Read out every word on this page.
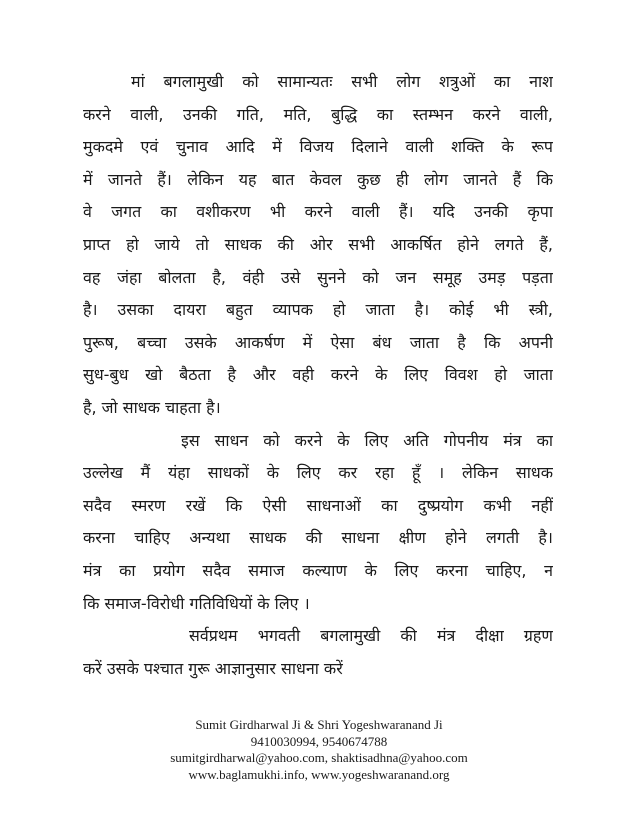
मां बगलामुखी को सामान्यतः सभी लोग शत्रुओं का नाश
करने वाली, उनकी गति, मति, बुद्धि का स्तम्भन करने वाली,
मुकदमे एवं चुनाव आदि में विजय दिलाने वाली शक्ति के रूप
में जानते हैं। लेकिन यह बात केवल कुछ ही लोग जानते हैं कि
वे जगत का वशीकरण भी करने वाली हैं। यदि उनकी कृपा
प्राप्त हो जाये तो साधक की ओर सभी आकर्षित होने लगते हैं,
वह जंहा बोलता है, वंही उसे सुनने को जन समूह उमड़ पड़ता
है। उसका दायरा बहुत व्यापक हो जाता है। कोई भी स्त्री,
पुरूष, बच्चा उसके आकर्षण में ऐसा बंध जाता है कि अपनी
सुध-बुध खो बैठता है और वही करने के लिए विवश हो जाता
है, जो साधक चाहता है।
इस साधन को करने के लिए अति गोपनीय मंत्र का
उल्लेख मैं यंहा साधकों के लिए कर रहा हूँ । लेकिन साधक
सदैव स्मरण रखें कि ऐसी साधनाओं का दुष्प्रयोग कभी नहीं
करना चाहिए अन्यथा साधक की साधना क्षीण होने लगती है।
मंत्र का प्रयोग सदैव समाज कल्याण के लिए करना चाहिए, न
कि समाज-विरोधी गतिविधियों के लिए ।
सर्वप्रथम भगवती बगलामुखी की मंत्र दीक्षा ग्रहण
करें उसके पश्चात गुरू आज्ञानुसार साधना करें
Sumit Girdharwal Ji & Shri Yogeshwaranand Ji
9410030994, 9540674788
sumitgirdharwal@yahoo.com, shaktisadhna@yahoo.com
www.baglamukhi.info, www.yogeshwaranand.org
